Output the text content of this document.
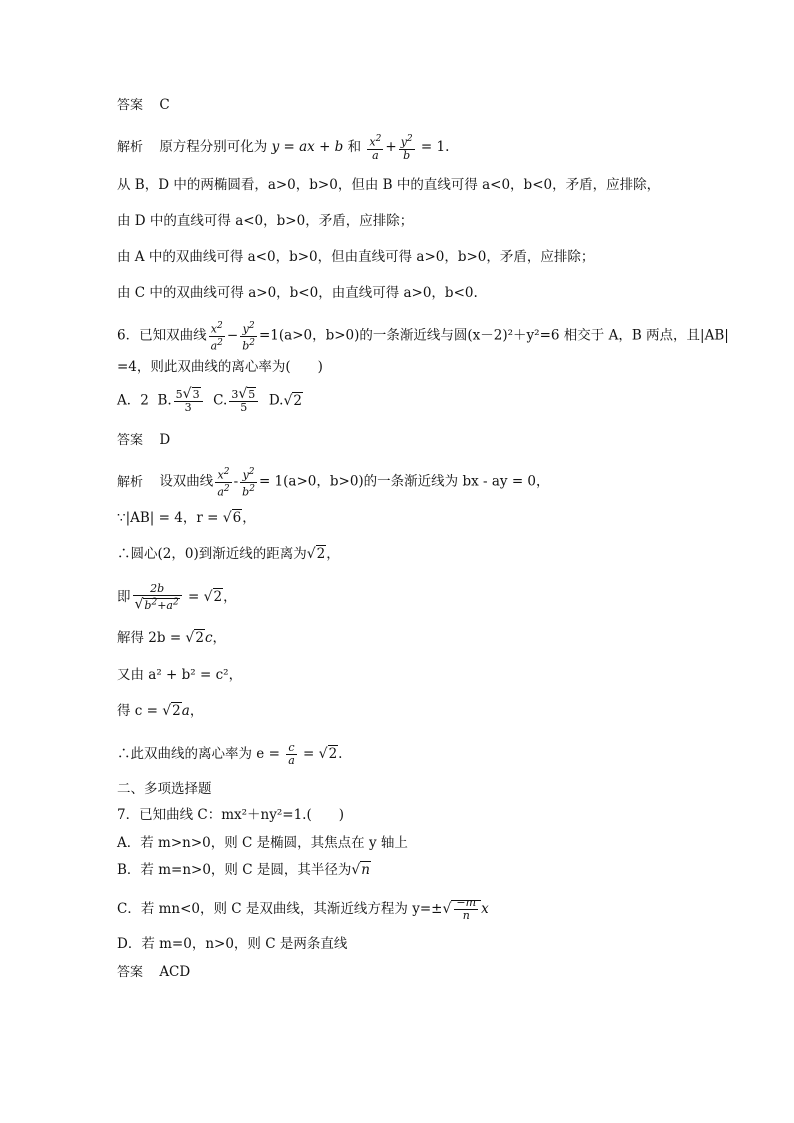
答案 C
解析 原方程分别可化为 y = ax + b 和 $\frac{x^2}{a} + \frac{y^2}{b} = 1$.
从 B，D 中的两椭圆看，a>0，b>0，但由 B 中的直线可得 a<0，b<0，矛盾，应排除，
由 D 中的直线可得 a<0，b>0，矛盾，应排除；
由 A 中的双曲线可得 a<0，b>0，但由直线可得 a>0，b>0，矛盾，应排除；
由 C 中的双曲线可得 a>0，b<0，由直线可得 a>0，b<0.
6．已知双曲线 $\frac{x^2}{a^2} - \frac{y^2}{b^2} =1(a>0$，b>0)的一条渐近线与圆(x－2)²＋y²=6 相交于 A，B 两点，且|AB|
=4，则此双曲线的离心率为(　　)
A．2 B. $\frac{5√3}{3} C$. $\frac{3√5}{5} D.√2$
答案 D
解析 设双曲线 $\frac{x^2}{a^2} - \frac{y^2}{b^2} = 1(a>0$，b>0)的一条渐近线为 bx - ay = 0，
∵|AB| = 4，r = √6，
∴圆心(2，0)到渐近线的距离为√2，
即 $\frac{2b}{√b^2+a^2} = √2$，
解得 2b = √2c，
又由 a² + b² = c²，
得 c = √2a，
∴此双曲线的离心率为 $e = \frac{c}{a} = √2$.
二、多项选择题
7．已知曲线 C：mx²＋ny²=1.(　　)
A．若 m>n>0，则 C 是椭圆，其焦点在 y 轴上
B．若 m=n>0，则 C 是圆，其半径为√n
C．若 mn<0，则 C 是双曲线，其渐近线方程为 $y=\pm√ \frac{-m}{n}$ x
D．若 m=0，n>0，则 C 是两条直线
答案 ACD
